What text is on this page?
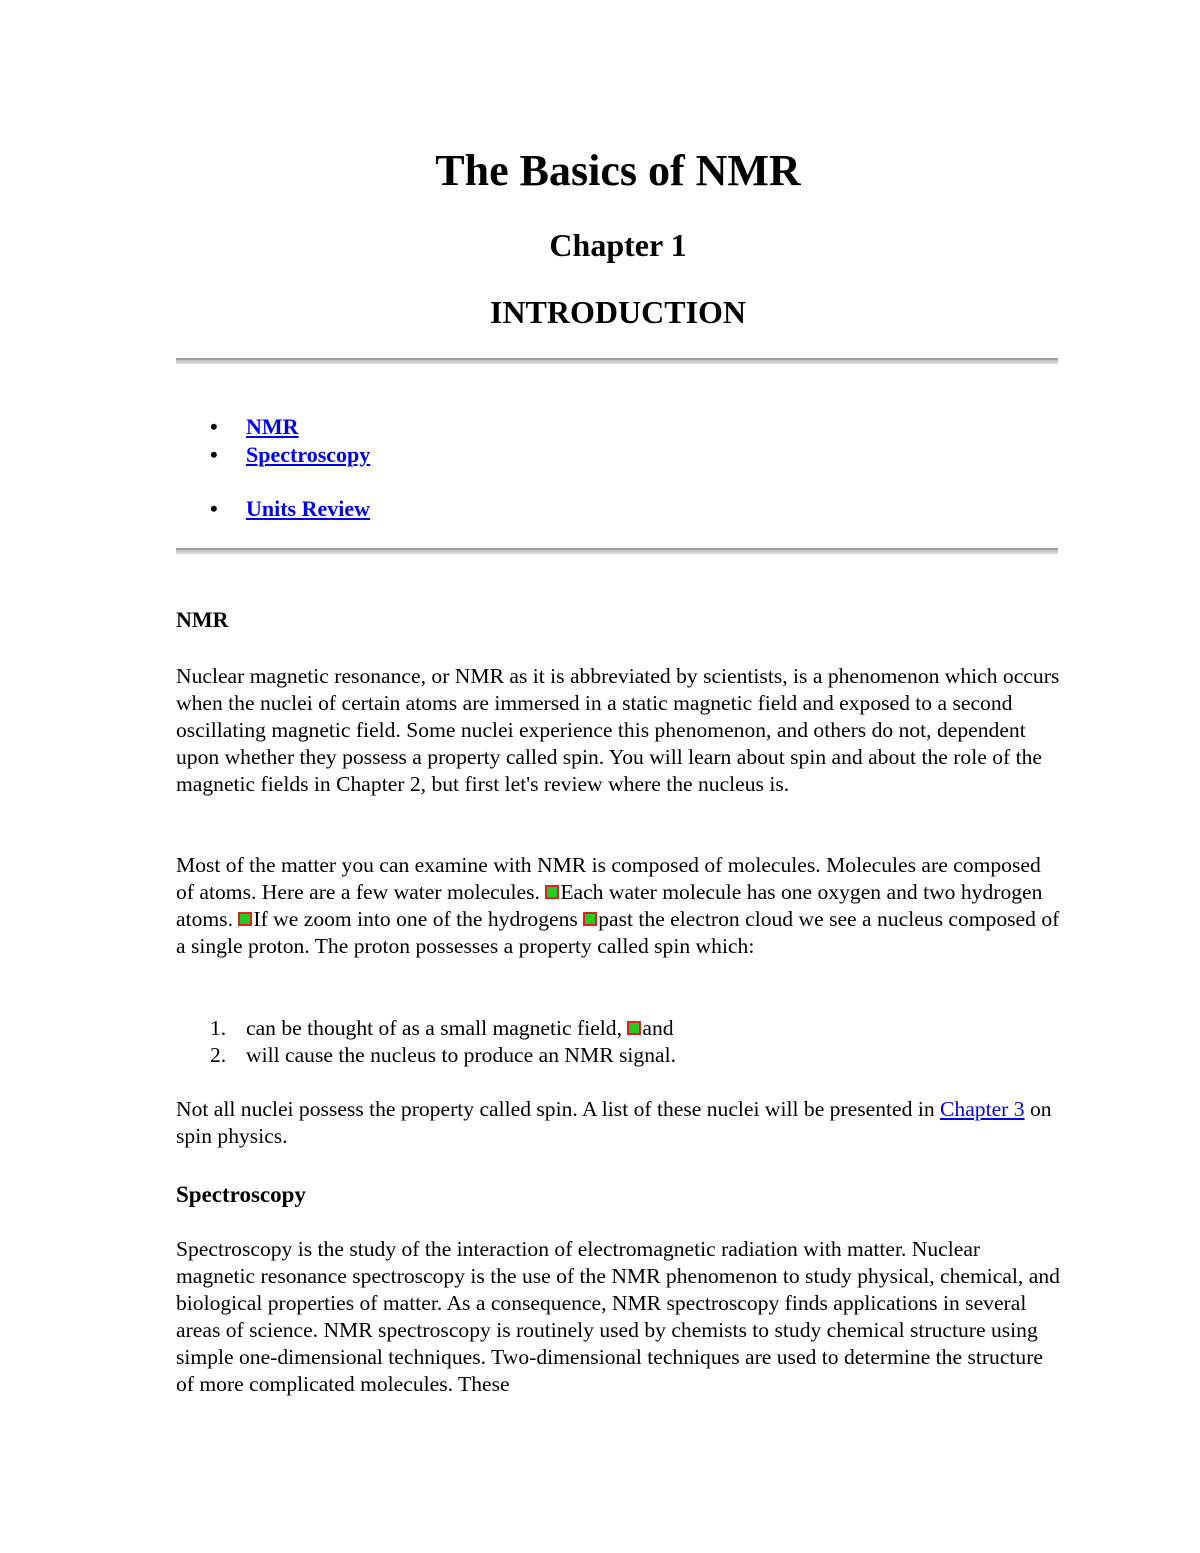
The Basics of NMR
Chapter 1
INTRODUCTION
• NMR
• Spectroscopy
• Units Review
NMR

Nuclear magnetic resonance, or NMR as it is abbreviated by scientists, is a phenomenon which occurs when the nuclei of certain atoms are immersed in a static magnetic field and exposed to a second oscillating magnetic field. Some nuclei experience this phenomenon, and others do not, dependent upon whether they possess a property called spin. You will learn about spin and about the role of the magnetic fields in Chapter 2, but first let's review where the nucleus is.

Most of the matter you can examine with NMR is composed of molecules. Molecules are composed of atoms. Here are a few water molecules. Each water molecule has one oxygen and two hydrogen atoms. If we zoom into one of the hydrogens past the electron cloud we see a nucleus composed of a single proton. The proton possesses a property called spin which:

1. can be thought of as a small magnetic field, and
2. will cause the nucleus to produce an NMR signal.

Not all nuclei possess the property called spin. A list of these nuclei will be presented in Chapter 3 on spin physics.

Spectroscopy

Spectroscopy is the study of the interaction of electromagnetic radiation with matter. Nuclear magnetic resonance spectroscopy is the use of the NMR phenomenon to study physical, chemical, and biological properties of matter. As a consequence, NMR spectroscopy finds applications in several areas of science. NMR spectroscopy is routinely used by chemists to study chemical structure using simple one-dimensional techniques. Two-dimensional techniques are used to determine the structure of more complicated molecules. These
